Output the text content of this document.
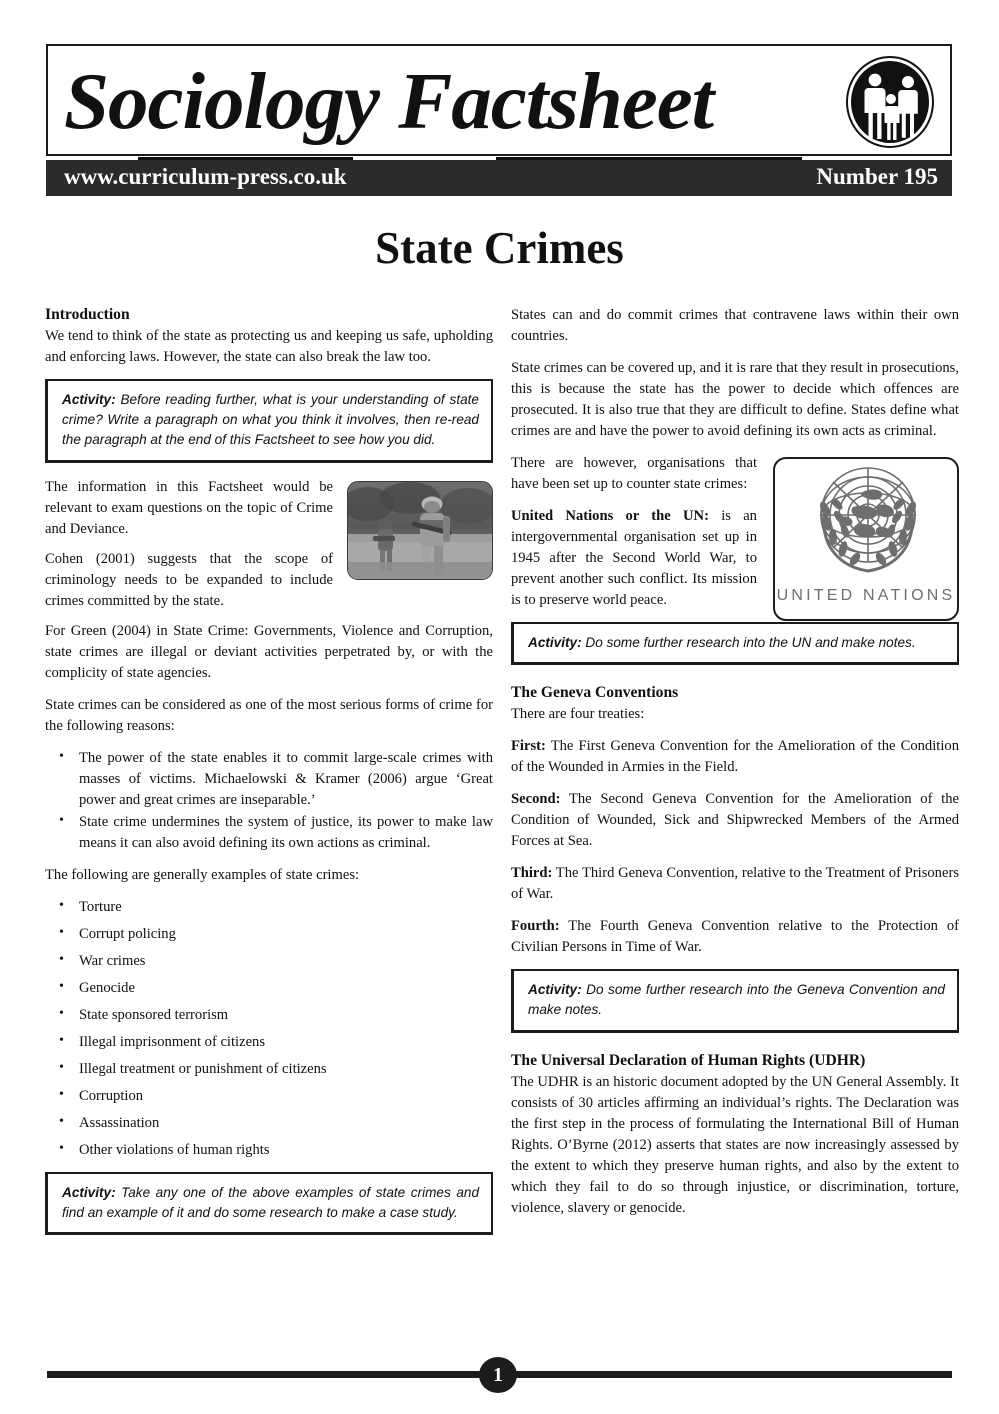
Sociology Factsheet
www.curriculum-press.co.uk	Number 195
State Crimes
Introduction

We tend to think of the state as protecting us and keeping us safe, upholding and enforcing laws. However, the state can also break the law too.

Activity: Before reading further, what is your understanding of state crime? Write a paragraph on what you think it involves, then re-read the paragraph at the end of this Factsheet to see how you did.

The information in this Factsheet would be relevant to exam questions on the topic of Crime and Deviance.

Cohen (2001) suggests that the scope of criminology needs to be expanded to include crimes committed by the state.

For Green (2004) in State Crime: Governments, Violence and Corruption, state crimes are illegal or deviant activities perpetrated by, or with the complicity of state agencies.

State crimes can be considered as one of the most serious forms of crime for the following reasons:

• The power of the state enables it to commit large-scale crimes with masses of victims. Michaelowski & Kramer (2006) argue ‘Great power and great crimes are inseparable.’
• State crime undermines the system of justice, its power to make law means it can also avoid defining its own actions as criminal.

The following are generally examples of state crimes:

• Torture
• Corrupt policing
• War crimes
• Genocide
• State sponsored terrorism
• Illegal imprisonment of citizens
• Illegal treatment or punishment of citizens
• Corruption
• Assassination
• Other violations of human rights
Activity: Take any one of the above examples of state crimes and find an example of it and do some research to make a case study.

States can and do commit crimes that contravene laws within their own countries.

State crimes can be covered up, and it is rare that they result in prosecutions, this is because the state has the power to decide which offences are prosecuted. It is also true that they are difficult to define. States define what crimes are and have the power to avoid defining its own acts as criminal.

UNITED NATIONS

There are however, organisations that have been set up to counter state crimes:

United Nations or the UN: is an intergovernmental organisation set up in 1945 after the Second World War, to prevent another such conflict. Its mission is to preserve world peace.

Activity: Do some further research into the UN and make notes.
The Geneva Conventions

There are four treaties:

First: The First Geneva Convention for the Amelioration of the Condition of the Wounded in Armies in the Field.

Second: The Second Geneva Convention for the Amelioration of the Condition of Wounded, Sick and Shipwrecked Members of the Armed Forces at Sea.

Third: The Third Geneva Convention, relative to the Treatment of Prisoners of War.

Fourth: The Fourth Geneva Convention relative to the Protection of Civilian Persons in Time of War.

Activity: Do some further research into the Geneva Convention and make notes.
The Universal Declaration of Human Rights (UDHR)

The UDHR is an historic document adopted by the UN General Assembly. It consists of 30 articles affirming an individual’s rights. The Declaration was the first step in the process of formulating the International Bill of Human Rights. O’Byrne (2012) asserts that states are now increasingly assessed by the extent to which they preserve human rights, and also by the extent to which they fail to do so through injustice, or discrimination, torture, violence, slavery or genocide.

1
